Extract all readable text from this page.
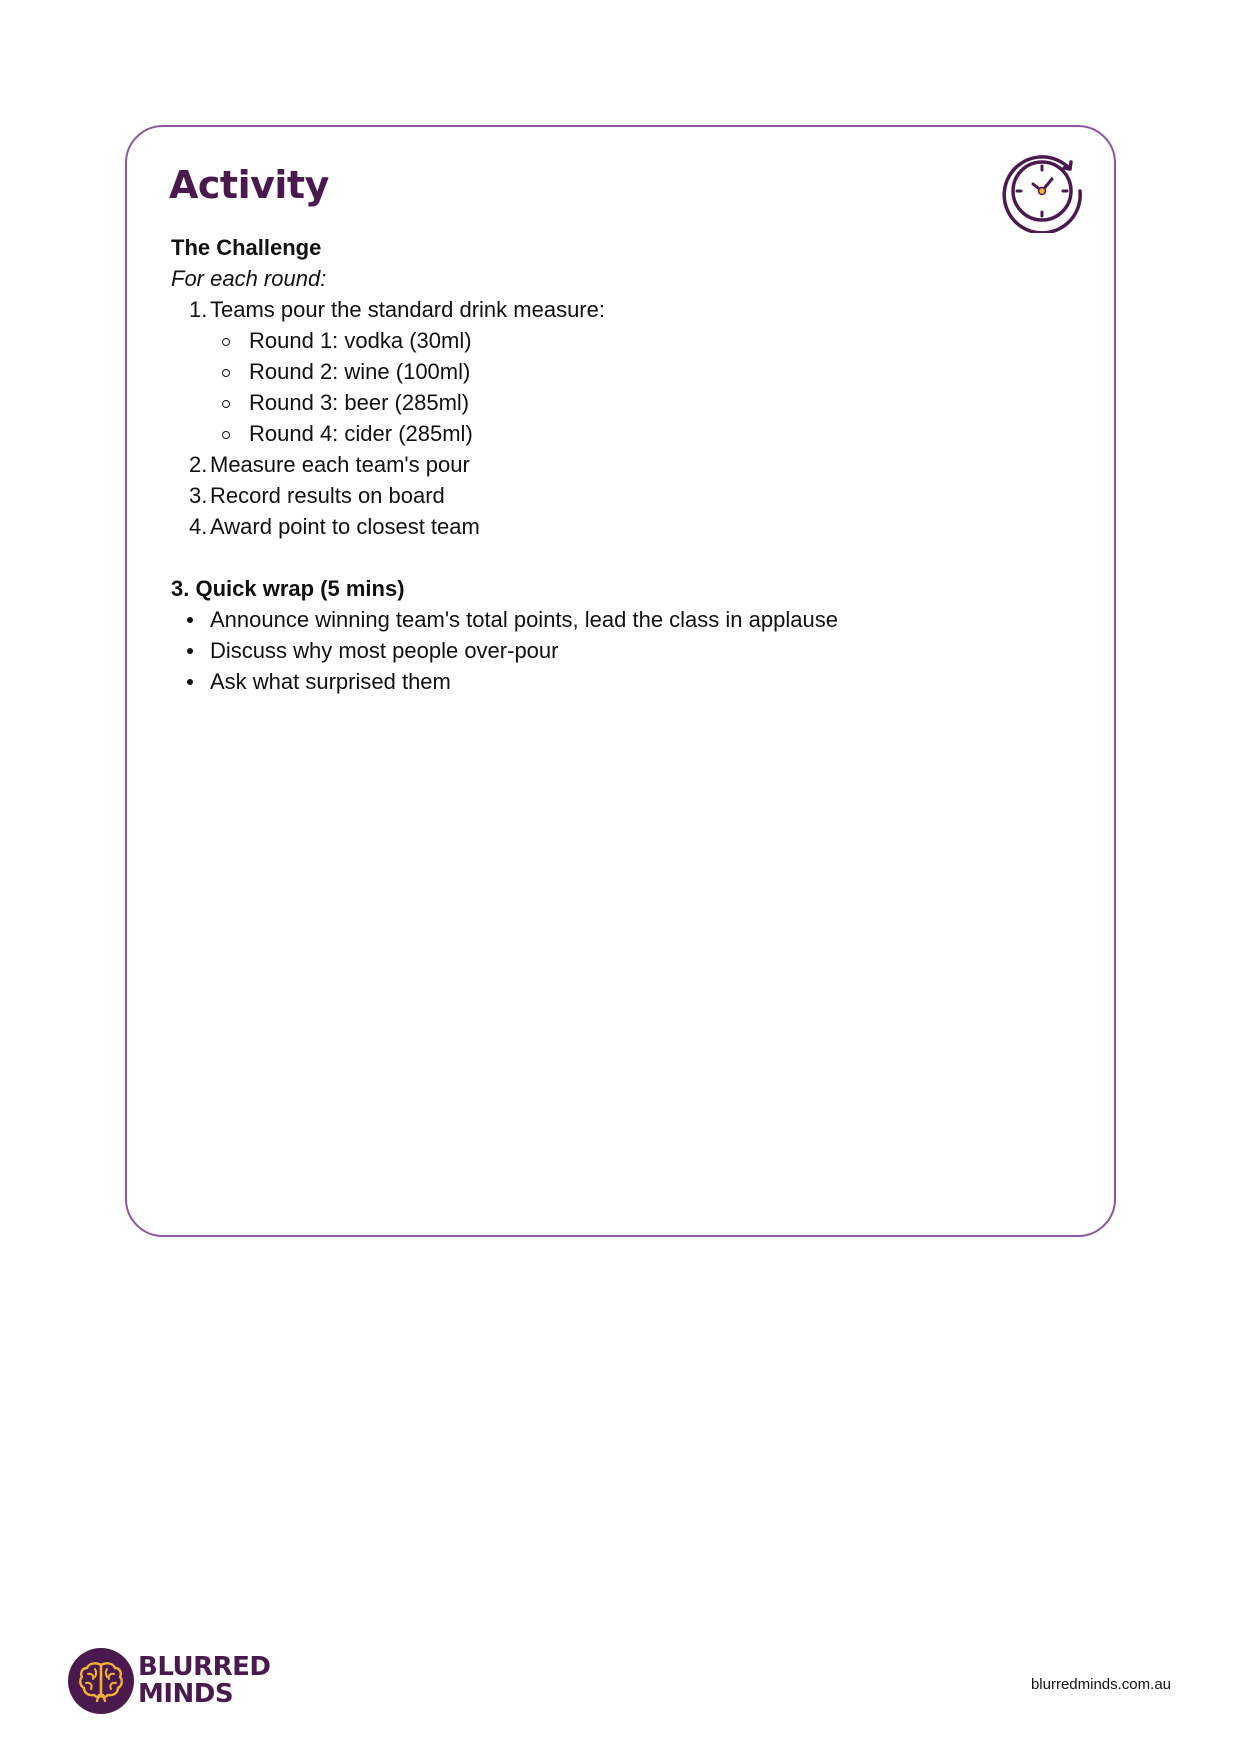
Activity

The Challenge

For each round:

1. Teams pour the standard drink measure:
Round 1: vodka (30ml)
Round 2: wine (100ml)
Round 3: beer (285ml)
Round 4: cider (285ml)
2. Measure each team's pour
3. Record results on board
4. Award point to closest team

3. Quick wrap (5 mins)

Announce winning team's total points, lead the class in applause
Discuss why most people over-pour
Ask what surprised them
BLURRED
MINDS	blurredminds.com.au
